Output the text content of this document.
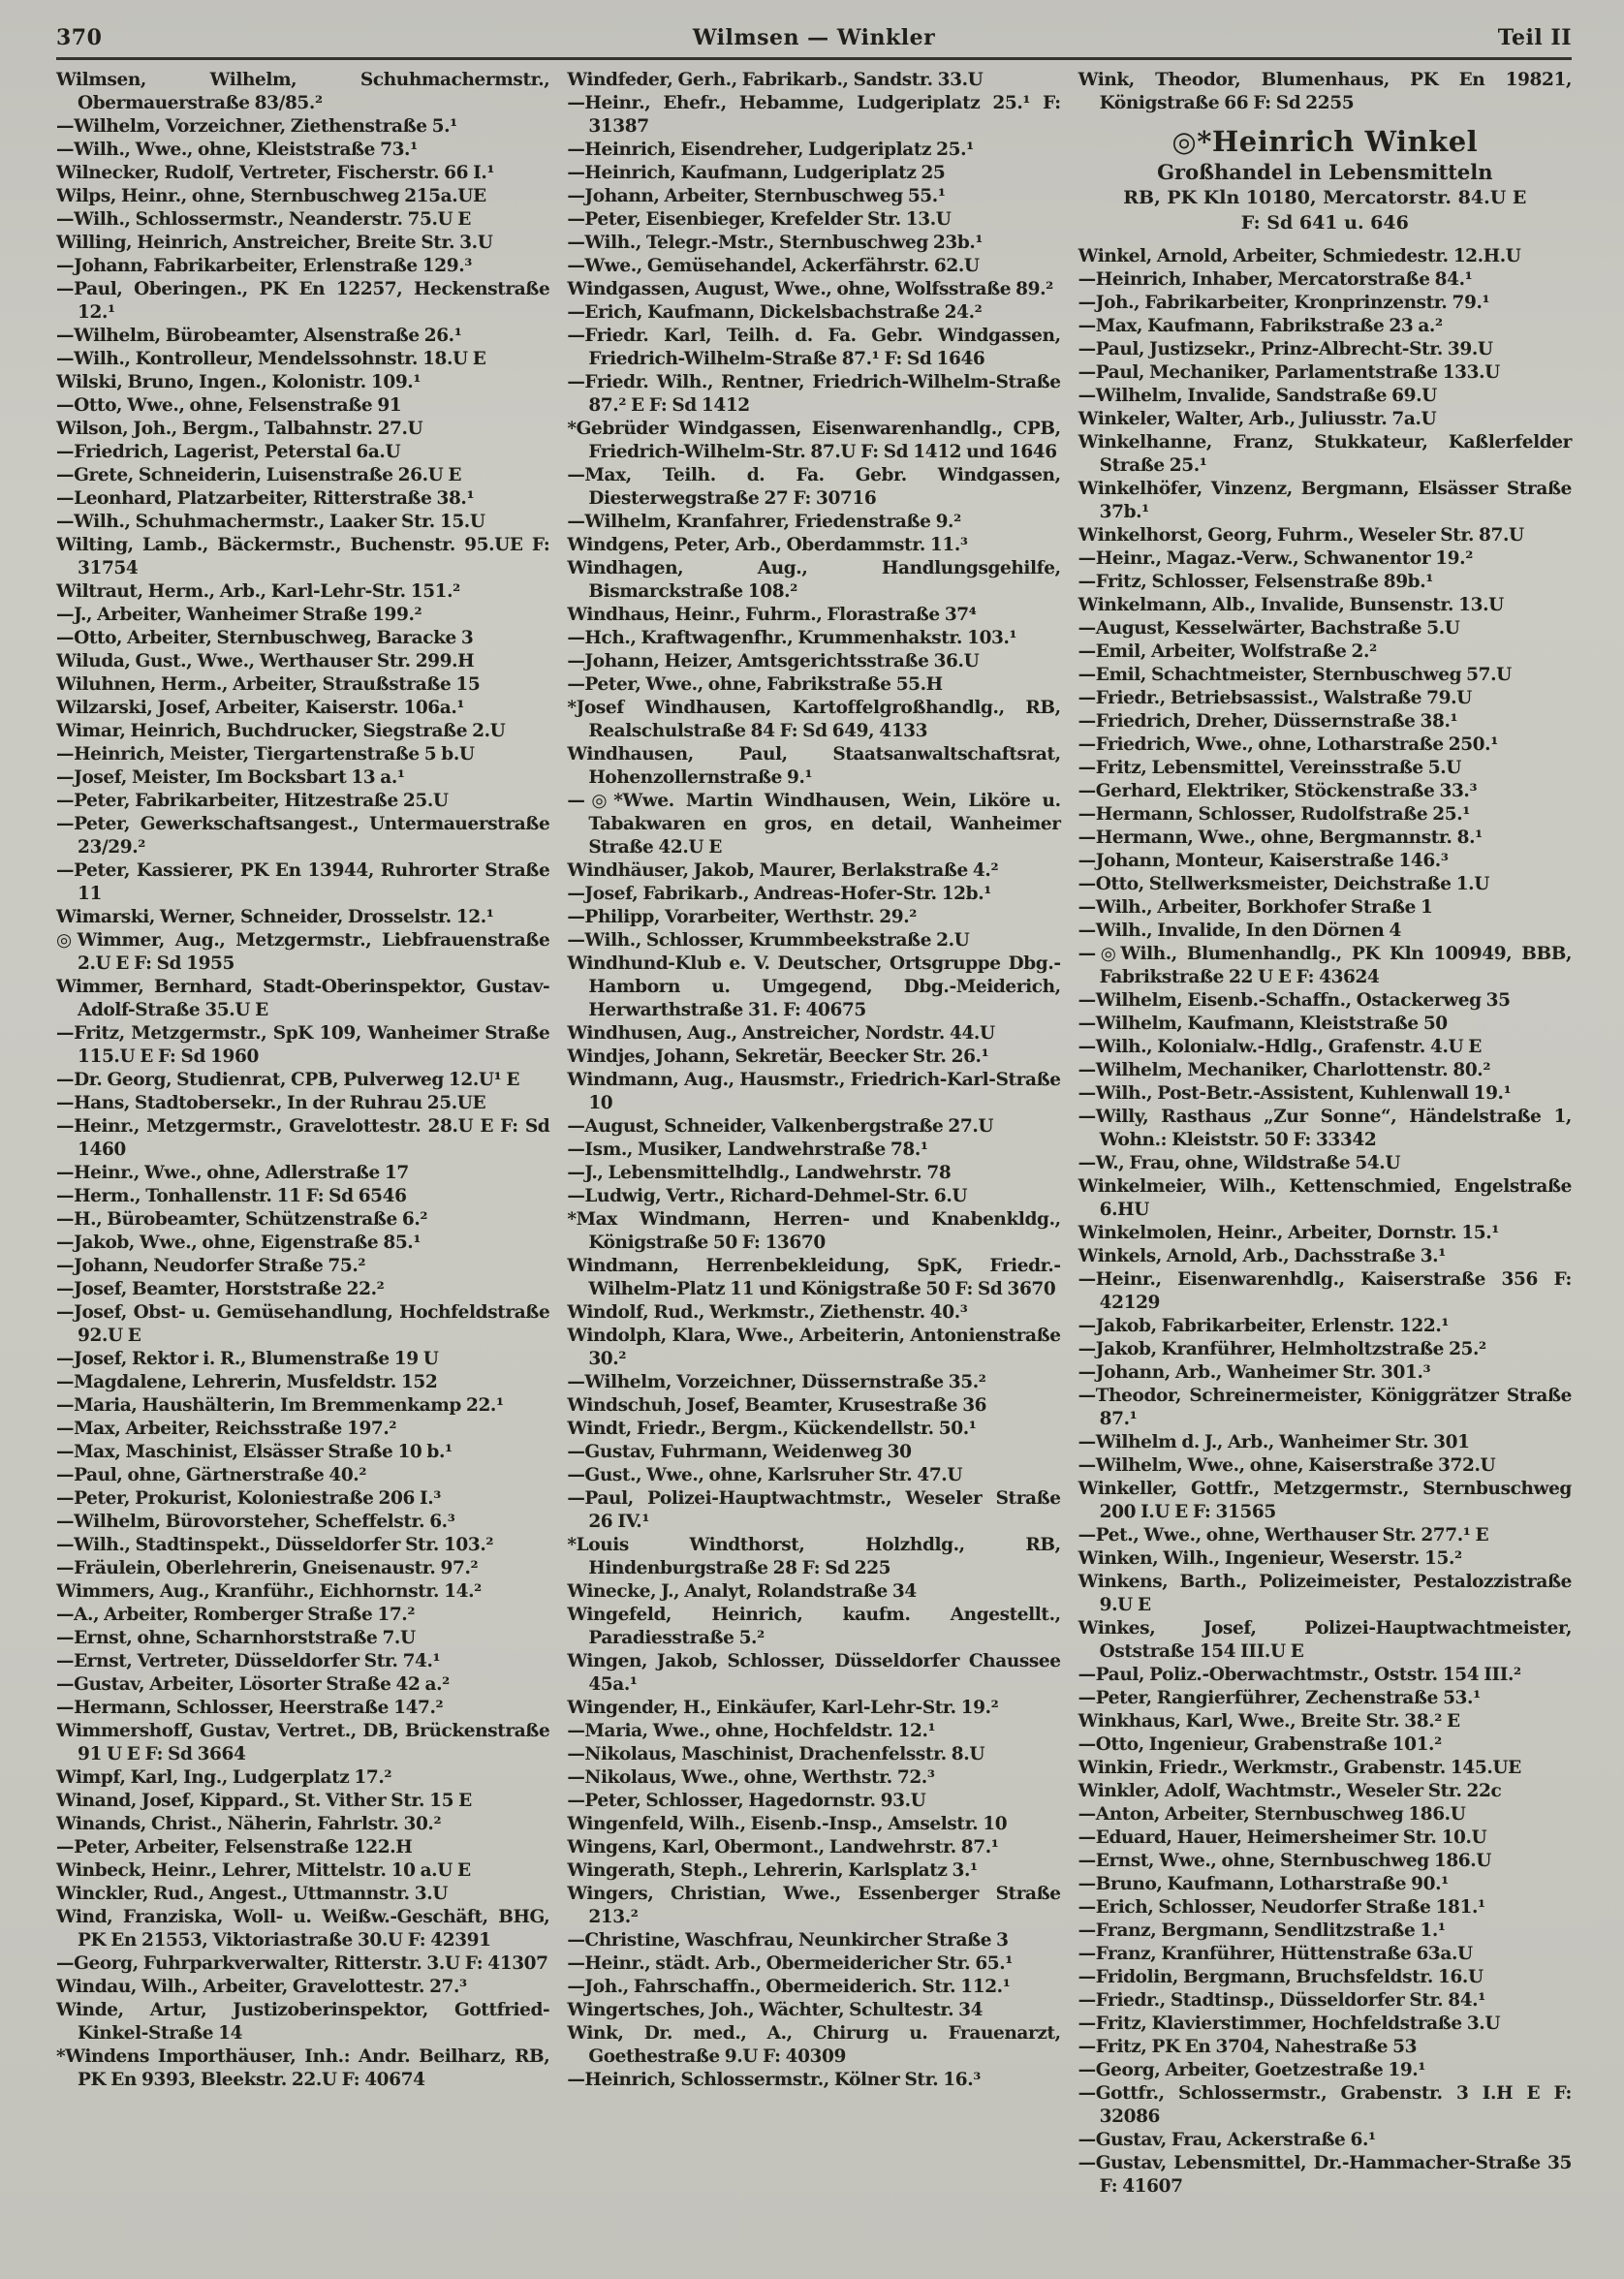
370	Wilmsen — Winkler	Teil II
Wilmsen, Wilhelm, Schuhmachermstr., Obermauerstraße 83/85.²
—Wilhelm, Vorzeichner, Ziethenstraße 5.¹
—Wilh., Wwe., ohne, Kleiststraße 73.¹
Wilnecker, Rudolf, Vertreter, Fischerstr. 66 I.¹
Wilps, Heinr., ohne, Sternbuschweg 215a.UE
—Wilh., Schlossermstr., Neanderstr. 75.U E
Willing, Heinrich, Anstreicher, Breite Str. 3.U
—Johann, Fabrikarbeiter, Erlenstraße 129.³
—Paul, Oberingen., PK En 12257, Heckenstraße 12.¹
—Wilhelm, Bürobeamter, Alsenstraße 26.¹
—Wilh., Kontrolleur, Mendelssohnstr. 18.U E
Wilski, Bruno, Ingen., Kolonistr. 109.¹
—Otto, Wwe., ohne, Felsenstraße 91
Wilson, Joh., Bergm., Talbahnstr. 27.U
—Friedrich, Lagerist, Peterstal 6a.U
—Grete, Schneiderin, Luisenstraße 26.U E
—Leonhard, Platzarbeiter, Ritterstraße 38.¹
—Wilh., Schuhmachermstr., Laaker Str. 15.U
Wilting, Lamb., Bäckermstr., Buchenstr. 95.UE F: 31754
Wiltraut, Herm., Arb., Karl-Lehr-Str. 151.²
—J., Arbeiter, Wanheimer Straße 199.²
—Otto, Arbeiter, Sternbuschweg, Baracke 3
Wiluda, Gust., Wwe., Werthauser Str. 299.H
Wiluhnen, Herm., Arbeiter, Straußstraße 15
Wilzarski, Josef, Arbeiter, Kaiserstr. 106a.¹
Wimar, Heinrich, Buchdrucker, Siegstraße 2.U
—Heinrich, Meister, Tiergartenstraße 5 b.U
—Josef, Meister, Im Bocksbart 13 a.¹
—Peter, Fabrikarbeiter, Hitzestraße 25.U
—Peter, Gewerkschaftsangest., Untermauerstraße 23/29.²
—Peter, Kassierer, PK En 13944, Ruhrorter Straße 11
Wimarski, Werner, Schneider, Drosselstr. 12.¹
◎Wimmer, Aug., Metzgermstr., Liebfrauenstraße 2.U E F: Sd 1955
Wimmer, Bernhard, Stadt-Oberinspektor, Gustav-Adolf-Straße 35.U E
—Fritz, Metzgermstr., SpK 109, Wanheimer Straße 115.U E F: Sd 1960
—Dr. Georg, Studienrat, CPB, Pulverweg 12.U¹ E
—Hans, Stadtobersekr., In der Ruhrau 25.UE
—Heinr., Metzgermstr., Gravelottestr. 28.U E F: Sd 1460
—Heinr., Wwe., ohne, Adlerstraße 17
—Herm., Tonhallenstr. 11 F: Sd 6546
—H., Bürobeamter, Schützenstraße 6.²
—Jakob, Wwe., ohne, Eigenstraße 85.¹
—Johann, Neudorfer Straße 75.²
—Josef, Beamter, Horststraße 22.²
—Josef, Obst- u. Gemüsehandlung, Hochfeldstraße 92.U E
—Josef, Rektor i. R., Blumenstraße 19 U
—Magdalene, Lehrerin, Musfeldstr. 152
—Maria, Haushälterin, Im Bremmenkamp 22.¹
—Max, Arbeiter, Reichsstraße 197.²
—Max, Maschinist, Elsässer Straße 10 b.¹
—Paul, ohne, Gärtnerstraße 40.²
—Peter, Prokurist, Koloniestraße 206 I.³
—Wilhelm, Bürovorsteher, Scheffelstr. 6.³
—Wilh., Stadtinspekt., Düsseldorfer Str. 103.²
—Fräulein, Oberlehrerin, Gneisenaustr. 97.²
Wimmers, Aug., Kranführ., Eichhornstr. 14.²
—A., Arbeiter, Romberger Straße 17.²
—Ernst, ohne, Scharnhorststraße 7.U
—Ernst, Vertreter, Düsseldorfer Str. 74.¹
—Gustav, Arbeiter, Lösorter Straße 42 a.²
—Hermann, Schlosser, Heerstraße 147.²
Wimmershoff, Gustav, Vertret., DB, Brückenstraße 91 U E F: Sd 3664
Wimpf, Karl, Ing., Ludgerplatz 17.²
Winand, Josef, Kippard., St. Vither Str. 15 E
Winands, Christ., Näherin, Fahrlstr. 30.²
—Peter, Arbeiter, Felsenstraße 122.H
Winbeck, Heinr., Lehrer, Mittelstr. 10 a.U E
Winckler, Rud., Angest., Uttmannstr. 3.U
Wind, Franziska, Woll- u. Weißw.-Geschäft, BHG, PK En 21553, Viktoriastraße 30.U F: 42391
—Georg, Fuhrparkverwalter, Ritterstr. 3.U F: 41307
Windau, Wilh., Arbeiter, Gravelottestr. 27.³
Winde, Artur, Justizoberinspektor, Gottfried-Kinkel-Straße 14
*Windens Importhäuser, Inh.: Andr. Beilharz, RB, PK En 9393, Bleekstr. 22.U F: 40674
Windfeder, Gerh., Fabrikarb., Sandstr. 33.U
—Heinr., Ehefr., Hebamme, Ludgeriplatz 25.¹ F: 31387
—Heinrich, Eisendreher, Ludgeriplatz 25.¹
—Heinrich, Kaufmann, Ludgeriplatz 25
—Johann, Arbeiter, Sternbuschweg 55.¹
—Peter, Eisenbieger, Krefelder Str. 13.U
—Wilh., Telegr.-Mstr., Sternbuschweg 23b.¹
—Wwe., Gemüsehandel, Ackerfährstr. 62.U
Windgassen, August, Wwe., ohne, Wolfsstraße 89.²
—Erich, Kaufmann, Dickelsbachstraße 24.²
—Friedr. Karl, Teilh. d. Fa. Gebr. Windgassen, Friedrich-Wilhelm-Straße 87.¹ F: Sd 1646
—Friedr. Wilh., Rentner, Friedrich-Wilhelm-Straße 87.² E F: Sd 1412
*Gebrüder Windgassen, Eisenwarenhandlg., CPB, Friedrich-Wilhelm-Str. 87.U F: Sd 1412 und 1646
—Max, Teilh. d. Fa. Gebr. Windgassen, Diesterwegstraße 27 F: 30716
—Wilhelm, Kranfahrer, Friedenstraße 9.²
Windgens, Peter, Arb., Oberdammstr. 11.³
Windhagen, Aug., Handlungsgehilfe, Bismarckstraße 108.²
Windhaus, Heinr., Fuhrm., Florastraße 37⁴
—Hch., Kraftwagenfhr., Krummenhakstr. 103.¹
—Johann, Heizer, Amtsgerichtsstraße 36.U
—Peter, Wwe., ohne, Fabrikstraße 55.H
*Josef Windhausen, Kartoffelgroßhandlg., RB, Realschulstraße 84 F: Sd 649, 4133
Windhausen, Paul, Staatsanwaltschaftsrat, Hohenzollernstraße 9.¹
—◎*Wwe. Martin Windhausen, Wein, Liköre u. Tabakwaren en gros, en detail, Wanheimer Straße 42.U E
Windhäuser, Jakob, Maurer, Berlakstraße 4.²
—Josef, Fabrikarb., Andreas-Hofer-Str. 12b.¹
—Philipp, Vorarbeiter, Werthstr. 29.²
—Wilh., Schlosser, Krummbeekstraße 2.U
Windhund-Klub e. V. Deutscher, Ortsgruppe Dbg.-Hamborn u. Umgegend, Dbg.-Meiderich, Herwarthstraße 31. F: 40675
Windhusen, Aug., Anstreicher, Nordstr. 44.U
Windjes, Johann, Sekretär, Beecker Str. 26.¹
Windmann, Aug., Hausmstr., Friedrich-Karl-Straße 10
—August, Schneider, Valkenbergstraße 27.U
—Ism., Musiker, Landwehrstraße 78.¹
—J., Lebensmittelhdlg., Landwehrstr. 78
—Ludwig, Vertr., Richard-Dehmel-Str. 6.U
*Max Windmann, Herren- und Knabenkldg., Königstraße 50 F: 13670
Windmann, Herrenbekleidung, SpK, Friedr.-Wilhelm-Platz 11 und Königstraße 50 F: Sd 3670
Windolf, Rud., Werkmstr., Ziethenstr. 40.³
Windolph, Klara, Wwe., Arbeiterin, Antonienstraße 30.²
—Wilhelm, Vorzeichner, Düssernstraße 35.²
Windschuh, Josef, Beamter, Krusestraße 36
Windt, Friedr., Bergm., Kückendellstr. 50.¹
—Gustav, Fuhrmann, Weidenweg 30
—Gust., Wwe., ohne, Karlsruher Str. 47.U
—Paul, Polizei-Hauptwachtmstr., Weseler Straße 26 IV.¹
*Louis Windthorst, Holzhdlg., RB, Hindenburgstraße 28 F: Sd 225
Winecke, J., Analyt, Rolandstraße 34
Wingefeld, Heinrich, kaufm. Angestellt., Paradiesstraße 5.²
Wingen, Jakob, Schlosser, Düsseldorfer Chaussee 45a.¹
Wingender, H., Einkäufer, Karl-Lehr-Str. 19.²
—Maria, Wwe., ohne, Hochfeldstr. 12.¹
—Nikolaus, Maschinist, Drachenfelsstr. 8.U
—Nikolaus, Wwe., ohne, Werthstr. 72.³
—Peter, Schlosser, Hagedornstr. 93.U
Wingenfeld, Wilh., Eisenb.-Insp., Amselstr. 10
Wingens, Karl, Obermont., Landwehrstr. 87.¹
Wingerath, Steph., Lehrerin, Karlsplatz 3.¹
Wingers, Christian, Wwe., Essenberger Straße 213.²
—Christine, Waschfrau, Neunkircher Straße 3
—Heinr., städt. Arb., Obermeidericher Str. 65.¹
—Joh., Fahrschaffn., Obermeiderich. Str. 112.¹
Wingertsches, Joh., Wächter, Schultestr. 34
Wink, Dr. med., A., Chirurg u. Frauenarzt, Goethestraße 9.U F: 40309
—Heinrich, Schlossermstr., Kölner Str. 16.³
Wink, Theodor, Blumenhaus, PK En 19821, Königstraße 66 F: Sd 2255
◎*Heinrich Winkel
Großhandel in Lebensmitteln
RB, PK Kln 10180, Mercatorstr. 84.U E
F: Sd 641 u. 646
Winkel, Arnold, Arbeiter, Schmiedestr. 12.H.U
—Heinrich, Inhaber, Mercatorstraße 84.¹
—Joh., Fabrikarbeiter, Kronprinzenstr. 79.¹
—Max, Kaufmann, Fabrikstraße 23 a.²
—Paul, Justizsekr., Prinz-Albrecht-Str. 39.U
—Paul, Mechaniker, Parlamentstraße 133.U
—Wilhelm, Invalide, Sandstraße 69.U
Winkeler, Walter, Arb., Juliusstr. 7a.U
Winkelhanne, Franz, Stukkateur, Kaßlerfelder Straße 25.¹
Winkelhöfer, Vinzenz, Bergmann, Elsässer Straße 37b.¹
Winkelhorst, Georg, Fuhrm., Weseler Str. 87.U
—Heinr., Magaz.-Verw., Schwanentor 19.²
—Fritz, Schlosser, Felsenstraße 89b.¹
Winkelmann, Alb., Invalide, Bunsenstr. 13.U
—August, Kesselwärter, Bachstraße 5.U
—Emil, Arbeiter, Wolfstraße 2.²
—Emil, Schachtmeister, Sternbuschweg 57.U
—Friedr., Betriebsassist., Walstraße 79.U
—Friedrich, Dreher, Düssernstraße 38.¹
—Friedrich, Wwe., ohne, Lotharstraße 250.¹
—Fritz, Lebensmittel, Vereinsstraße 5.U
—Gerhard, Elektriker, Stöckenstraße 33.³
—Hermann, Schlosser, Rudolfstraße 25.¹
—Hermann, Wwe., ohne, Bergmannstr. 8.¹
—Johann, Monteur, Kaiserstraße 146.³
—Otto, Stellwerksmeister, Deichstraße 1.U
—Wilh., Arbeiter, Borkhofer Straße 1
—Wilh., Invalide, In den Dörnen 4
—◎Wilh., Blumenhandlg., PK Kln 100949, BBB, Fabrikstraße 22 U E F: 43624
—Wilhelm, Eisenb.-Schaffn., Ostackerweg 35
—Wilhelm, Kaufmann, Kleiststraße 50
—Wilh., Kolonialw.-Hdlg., Grafenstr. 4.U E
—Wilhelm, Mechaniker, Charlottenstr. 80.²
—Wilh., Post-Betr.-Assistent, Kuhlenwall 19.¹
—Willy, Rasthaus „Zur Sonne“, Händelstraße 1, Wohn.: Kleiststr. 50 F: 33342
—W., Frau, ohne, Wildstraße 54.U
Winkelmeier, Wilh., Kettenschmied, Engelstraße 6.HU
Winkelmolen, Heinr., Arbeiter, Dornstr. 15.¹
Winkels, Arnold, Arb., Dachsstraße 3.¹
—Heinr., Eisenwarenhdlg., Kaiserstraße 356 F: 42129
—Jakob, Fabrikarbeiter, Erlenstr. 122.¹
—Jakob, Kranführer, Helmholtzstraße 25.²
—Johann, Arb., Wanheimer Str. 301.³
—Theodor, Schreinermeister, Königgrätzer Straße 87.¹
—Wilhelm d. J., Arb., Wanheimer Str. 301
—Wilhelm, Wwe., ohne, Kaiserstraße 372.U
Winkeller, Gottfr., Metzgermstr., Sternbuschweg 200 I.U E F: 31565
—Pet., Wwe., ohne, Werthauser Str. 277.¹ E
Winken, Wilh., Ingenieur, Weserstr. 15.²
Winkens, Barth., Polizeimeister, Pestalozzistraße 9.U E
Winkes, Josef, Polizei-Hauptwachtmeister, Oststraße 154 III.U E
—Paul, Poliz.-Oberwachtmstr., Oststr. 154 III.²
—Peter, Rangierführer, Zechenstraße 53.¹
Winkhaus, Karl, Wwe., Breite Str. 38.² E
—Otto, Ingenieur, Grabenstraße 101.²
Winkin, Friedr., Werkmstr., Grabenstr. 145.UE
Winkler, Adolf, Wachtmstr., Weseler Str. 22c
—Anton, Arbeiter, Sternbuschweg 186.U
—Eduard, Hauer, Heimersheimer Str. 10.U
—Ernst, Wwe., ohne, Sternbuschweg 186.U
—Bruno, Kaufmann, Lotharstraße 90.¹
—Erich, Schlosser, Neudorfer Straße 181.¹
—Franz, Bergmann, Sendlitzstraße 1.¹
—Franz, Kranführer, Hüttenstraße 63a.U
—Fridolin, Bergmann, Bruchsfeldstr. 16.U
—Friedr., Stadtinsp., Düsseldorfer Str. 84.¹
—Fritz, Klavierstimmer, Hochfeldstraße 3.U
—Fritz, PK En 3704, Nahestraße 53
—Georg, Arbeiter, Goetzestraße 19.¹
—Gottfr., Schlossermstr., Grabenstr. 3 I.H E F: 32086
—Gustav, Frau, Ackerstraße 6.¹
—Gustav, Lebensmittel, Dr.-Hammacher-Straße 35 F: 41607
